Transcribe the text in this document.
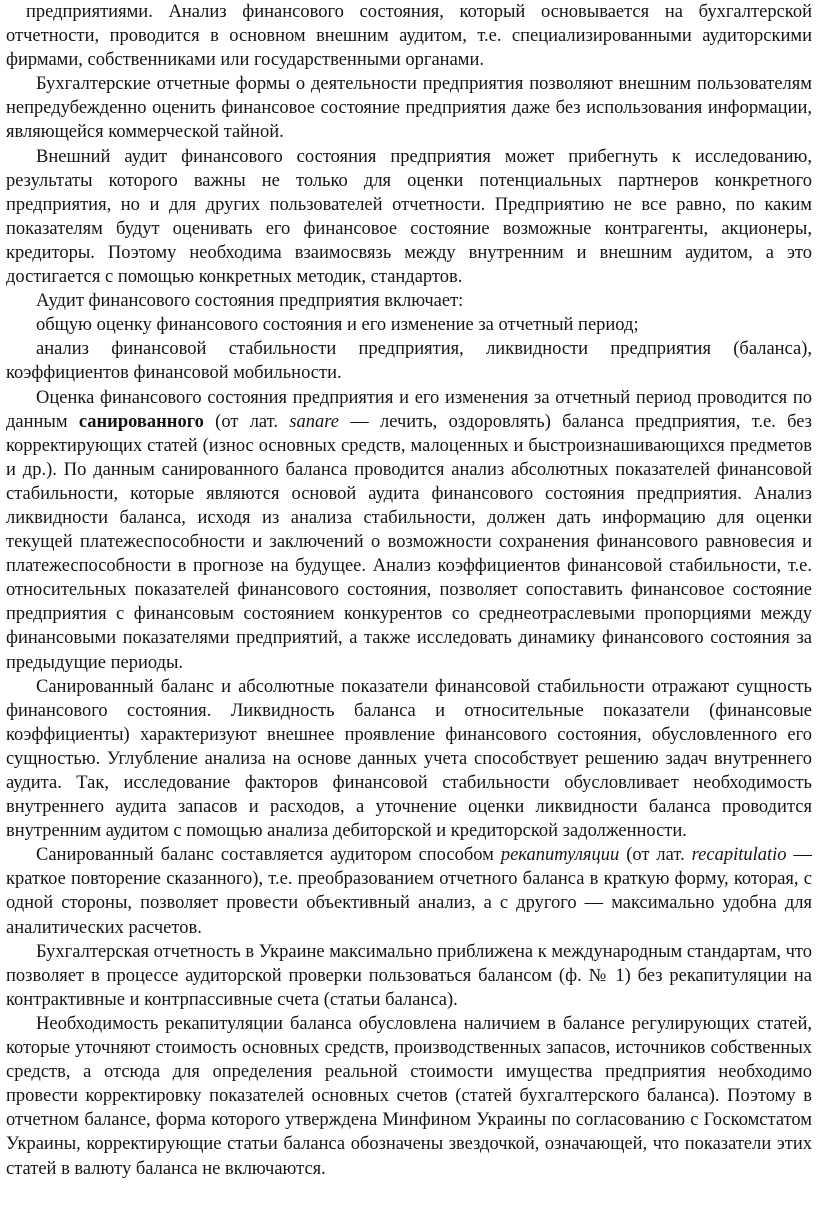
предприятиями. Анализ финансового состояния, который основывается на бухгалтерской отчетности, проводится в основном внешним аудитом, т.е. специализированными аудиторскими фирмами, собственниками или государственными органами.

Бухгалтерские отчетные формы о деятельности предприятия позволяют внешним пользователям непредубежденно оценить финансовое состояние предприятия даже без использования информации, являющейся коммерческой тайной.

Внешний аудит финансового состояния предприятия может прибегнуть к исследованию, результаты которого важны не только для оценки потенциальных партнеров конкретного предприятия, но и для других пользователей отчетности. Предприятию не все равно, по каким показателям будут оценивать его финансовое состояние возможные контрагенты, акционеры, кредиторы. Поэтому необходима взаимосвязь между внутренним и внешним аудитом, а это достигается с помощью конкретных методик, стандартов.

Аудит финансового состояния предприятия включает:

общую оценку финансового состояния и его изменение за отчетный период;

анализ финансовой стабильности предприятия, ликвидности предприятия (баланса), коэффициентов финансовой мобильности.

Оценка финансового состояния предприятия и его изменения за отчетный период проводится по данным санированного (от лат. sanare — лечить, оздоровлять) баланса предприятия, т.е. без корректирующих статей (износ основных средств, малоценных и быстроизнашивающихся предметов и др.). По данным санированного баланса проводится анализ абсолютных показателей финансовой стабильности, которые являются основой аудита финансового состояния предприятия. Анализ ликвидности баланса, исходя из анализа стабильности, должен дать информацию для оценки текущей платежеспособности и заключений о возможности сохранения финансового равновесия и платежеспособности в прогнозе на будущее. Анализ коэффициентов финансовой стабильности, т.е. относительных показателей финансового состояния, позволяет сопоставить финансовое состояние предприятия с финансовым состоянием конкурентов со среднеотраслевыми пропорциями между финансовыми показателями предприятий, а также исследовать динамику финансового состояния за предыдущие периоды.

Санированный баланс и абсолютные показатели финансовой стабильности отражают сущность финансового состояния. Ликвидность баланса и относительные показатели (финансовые коэффициенты) характеризуют внешнее проявление финансового состояния, обусловленного его сущностью. Углубление анализа на основе данных учета способствует решению задач внутреннего аудита. Так, исследование факторов финансовой стабильности обусловливает необходимость внутреннего аудита запасов и расходов, а уточнение оценки ликвидности баланса проводится внутренним аудитом с помощью анализа дебиторской и кредиторской задолженности.

Санированный баланс составляется аудитором способом рекапитуляции (от лат. recapitulatio — краткое повторение сказанного), т.е. преобразованием отчетного баланса в краткую форму, которая, с одной стороны, позволяет провести объективный анализ, а с другого — максимально удобна для аналитических расчетов.

Бухгалтерская отчетность в Украине максимально приближена к международным стандартам, что позволяет в процессе аудиторской проверки пользоваться балансом (ф. № 1) без рекапитуляции на контрактивные и контрпассивные счета (статьи баланса).

Необходимость рекапитуляции баланса обусловлена наличием в балансе регулирующих статей, которые уточняют стоимость основных средств, производственных запасов, источников собственных средств, а отсюда для определения реальной стоимости имущества предприятия необходимо провести корректировку показателей основных счетов (статей бухгалтерского баланса). Поэтому в отчетном балансе, форма которого утверждена Минфином Украины по согласованию с Госкомстатом Украины, корректирующие статьи баланса обозначены звездочкой, означающей, что показатели этих статей в валюту баланса не включаются.
